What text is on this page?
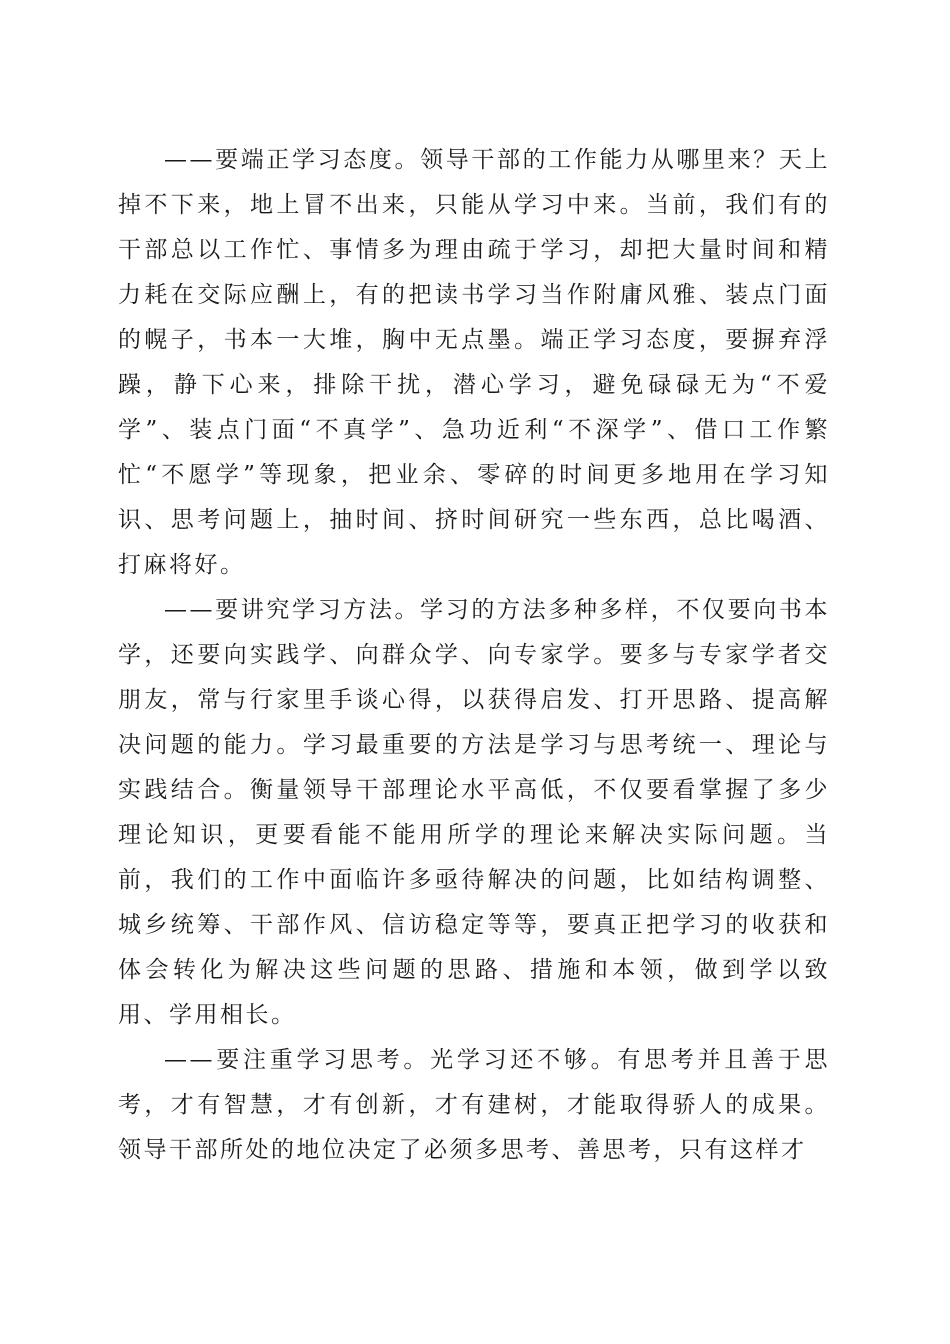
——要端正学习态度。领导干部的工作能力从哪里来？天上掉不下来，地上冒不出来，只能从学习中来。当前，我们有的干部总以工作忙、事情多为理由疏于学习，却把大量时间和精力耗在交际应酬上，有的把读书学习当作附庸风雅、装点门面的幌子，书本一大堆，胸中无点墨。端正学习态度，要摒弃浮躁，静下心来，排除干扰，潜心学习，避免碌碌无为“不爱学”、装点门面“不真学”、急功近利“不深学”、借口工作繁忙“不愿学”等现象，把业余、零碎的时间更多地用在学习知识、思考问题上，抽时间、挤时间研究一些东西，总比喝酒、打麻将好。

——要讲究学习方法。学习的方法多种多样，不仅要向书本学，还要向实践学、向群众学、向专家学。要多与专家学者交朋友，常与行家里手谈心得，以获得启发、打开思路、提高解决问题的能力。学习最重要的方法是学习与思考统一、理论与实践结合。衡量领导干部理论水平高低，不仅要看掌握了多少理论知识，更要看能不能用所学的理论来解决实际问题。当前，我们的工作中面临许多亟待解决的问题，比如结构调整、城乡统筹、干部作风、信访稳定等等，要真正把学习的收获和体会转化为解决这些问题的思路、措施和本领，做到学以致用、学用相长。

——要注重学习思考。光学习还不够。有思考并且善于思考，才有智慧，才有创新，才有建树，才能取得骄人的成果。领导干部所处的地位决定了必须多思考、善思考，只有这样才
